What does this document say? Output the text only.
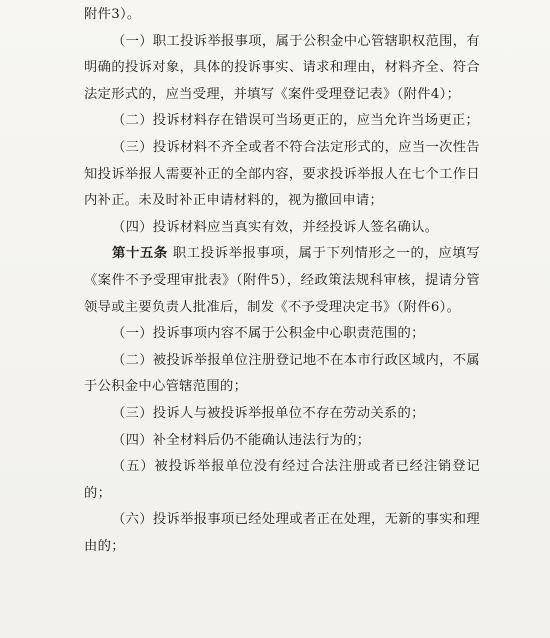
附件3）。
（一）职工投诉举报事项，属于公积金中心管辖职权范围，有明确的投诉对象，具体的投诉事实、请求和理由，材料齐全、符合法定形式的，应当受理，并填写《案件受理登记表》（附件4）；
（二）投诉材料存在错误可当场更正的，应当允许当场更正；
（三）投诉材料不齐全或者不符合法定形式的，应当一次性告知投诉举报人需要补正的全部内容，要求投诉举报人在七个工作日内补正。未及时补正申请材料的，视为撤回申请；
（四）投诉材料应当真实有效，并经投诉人签名确认。
第十五条 职工投诉举报事项，属于下列情形之一的，应填写《案件不予受理审批表》（附件5），经政策法规科审核，提请分管领导或主要负责人批准后，制发《不予受理决定书》（附件6）。
（一）投诉事项内容不属于公积金中心职责范围的；
（二）被投诉举报单位注册登记地不在本市行政区域内，不属于公积金中心管辖范围的；
（三）投诉人与被投诉举报单位不存在劳动关系的；
（四）补全材料后仍不能确认违法行为的；
（五）被投诉举报单位没有经过合法注册或者已经注销登记的；
（六）投诉举报事项已经处理或者正在处理，无新的事实和理由的；
